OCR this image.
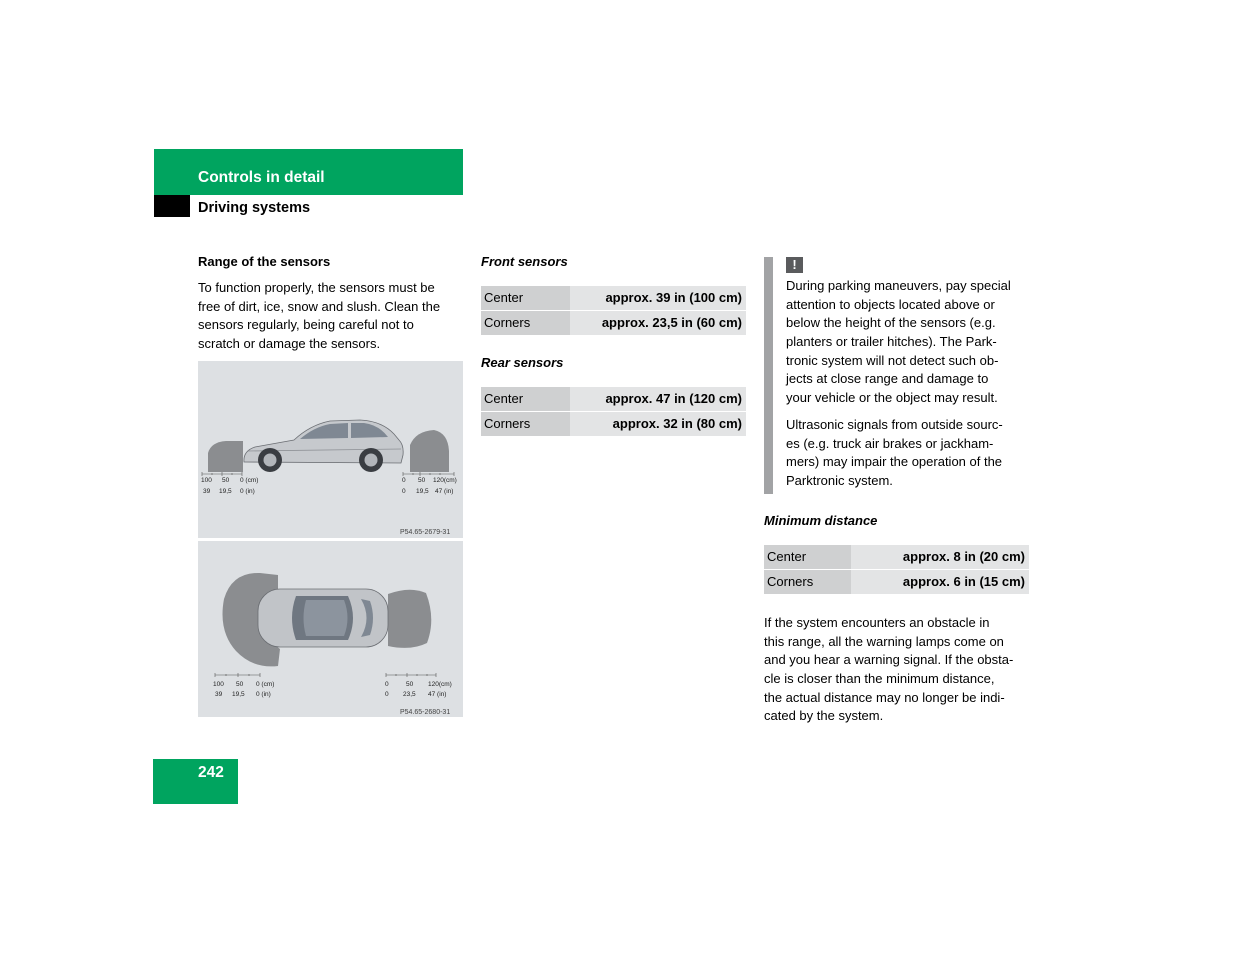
Controls in detail
Driving systems
Range of the sensors
To function properly, the sensors must be
free of dirt, ice, snow and slush. Clean the
sensors regularly, being careful not to
scratch or damage the sensors.
100 50 0 (cm)
39 19,5 0 (in)
0 50 120(cm)
0 19,5 47 (in)
P54.65-2679-31
100 50 0 (cm)
39 19,5 0 (in)
0	50 120(cm)
0 23,5 47 (in)
P54.65-2680-31
Front sensors
Center	approx. 39 in (100 cm)
Corners	approx. 23,5 in (60 cm)
Rear sensors
Center	approx. 47 in (120 cm)
Corners	approx. 32 in (80 cm)
!
During parking maneuvers, pay special
attention to objects located above or
below the height of the sensors (e.g.
planters or trailer hitches). The Park-
tronic system will not detect such ob-
jects at close range and damage to
your vehicle or the object may result.
Ultrasonic signals from outside sourc-
es (e.g. truck air brakes or jackham-
mers) may impair the operation of the
Parktronic system.
Minimum distance
Center	approx. 8 in (20 cm)
Corners	approx. 6 in (15 cm)
If the system encounters an obstacle in
this range, all the warning lamps come on
and you hear a warning signal. If the obsta-
cle is closer than the minimum distance,
the actual distance may no longer be indi-
cated by the system.
242
